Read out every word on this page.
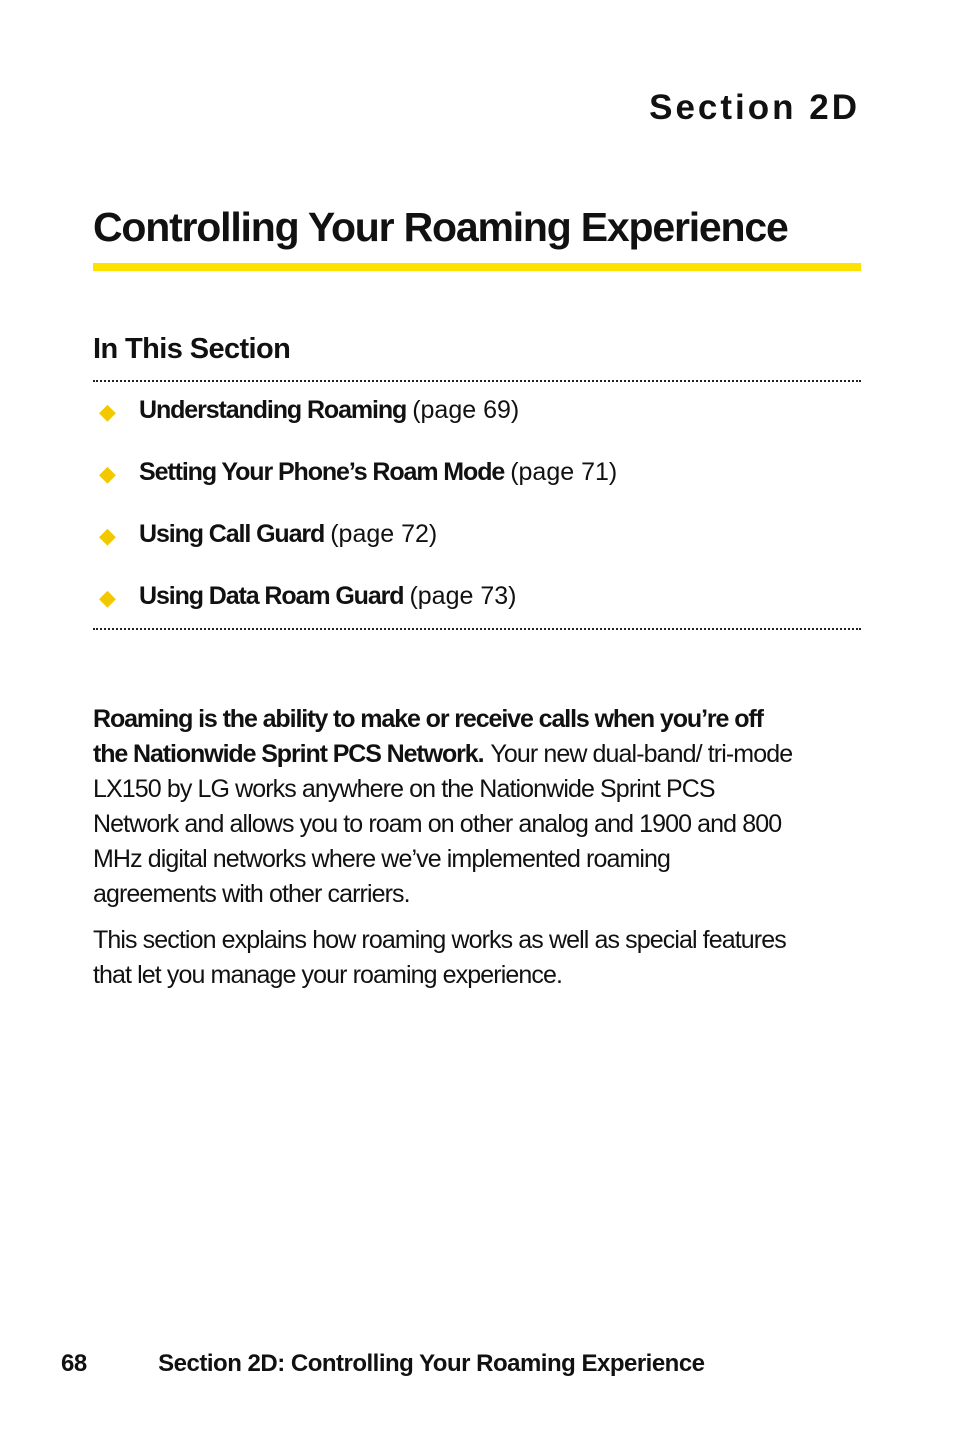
Section 2D
Controlling Your Roaming Experience
In This Section
◆ Understanding Roaming (page 69)
◆ Setting Your Phone’s Roam Mode (page 71)
◆ Using Call Guard (page 72)
◆ Using Data Roam Guard (page 73)

Roaming is the ability to make or receive calls when you’re off the Nationwide Sprint PCS Network. Your new dual-band/ tri-mode LX150 by LG works anywhere on the Nationwide Sprint PCS Network and allows you to roam on other analog and 1900 and 800 MHz digital networks where we’ve implemented roaming agreements with other carriers.

This section explains how roaming works as well as special features that let you manage your roaming experience.

68	Section 2D: Controlling Your Roaming Experience
